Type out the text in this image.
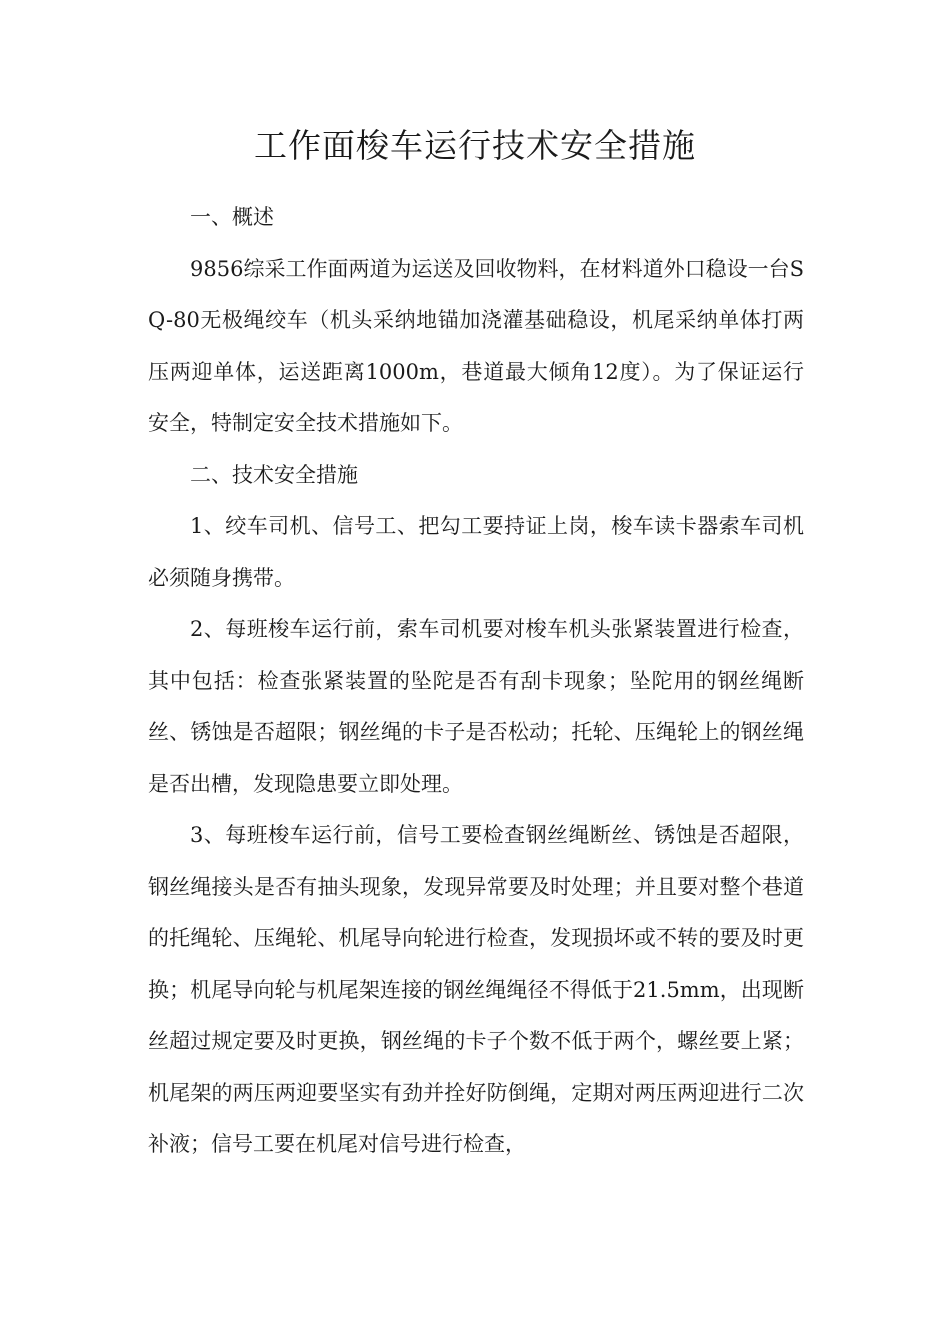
工作面梭车运行技术安全措施

一、概述

9856综采工作面两道为运送及回收物料，在材料道外口稳设一台SQ-80无极绳绞车（机头采纳地锚加浇灌基础稳设，机尾采纳单体打两压两迎单体，运送距离1000m，巷道最大倾角12度）。为了保证运行安全，特制定安全技术措施如下。

二、技术安全措施

1、绞车司机、信号工、把勾工要持证上岗，梭车读卡器索车司机必须随身携带。

2、每班梭车运行前，索车司机要对梭车机头张紧装置进行检查，其中包括：检查张紧装置的坠陀是否有刮卡现象；坠陀用的钢丝绳断丝、锈蚀是否超限；钢丝绳的卡子是否松动；托轮、压绳轮上的钢丝绳是否出槽，发现隐患要立即处理。

3、每班梭车运行前，信号工要检查钢丝绳断丝、锈蚀是否超限，钢丝绳接头是否有抽头现象，发现异常要及时处理；并且要对整个巷道的托绳轮、压绳轮、机尾导向轮进行检查，发现损坏或不转的要及时更换；机尾导向轮与机尾架连接的钢丝绳绳径不得低于21.5mm，出现断丝超过规定要及时更换，钢丝绳的卡子个数不低于两个，螺丝要上紧；机尾架的两压两迎要坚实有劲并拴好防倒绳，定期对两压两迎进行二次补液；信号工要在机尾对信号进行检查，
